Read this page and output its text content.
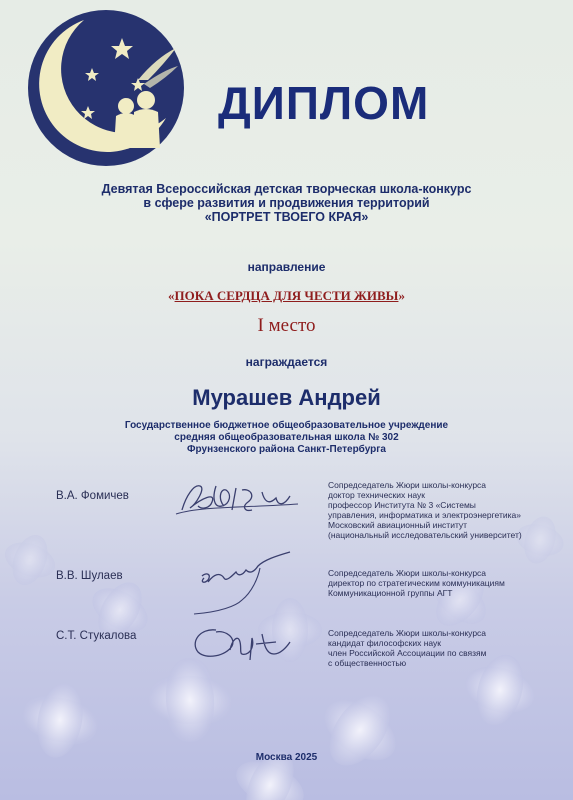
ДИПЛОМ
Девятая Всероссийская детская творческая школа-конкурс
в сфере развития и продвижения территорий
«ПОРТРЕТ ТВОЕГО КРАЯ»
направление
«ПОКА СЕРДЦА ДЛЯ ЧЕСТИ ЖИВЫ»
I место
награждается
Мурашев Андрей
Государственное бюджетное общеобразовательное учреждение
средняя общеобразовательная школа № 302
Фрунзенского района Санкт-Петербурга
В.А. Фомичев
Сопредседатель Жюри школы-конкурса
доктор технических наук
профессор Института № 3 «Системы
управления, информатика и электроэнергетика»
Московский авиационный институт
(национальный исследовательский университет)
В.В. Шулаев	Сопредседатель Жюри школы-конкурса
директор по стратегическим коммуникациям
Коммуникационной группы АГТ
С.Т. Стукалова	Сопредседатель Жюри школы-конкурса
кандидат философских наук
член Российской Ассоциации по связям
с общественностью
Москва 2025
